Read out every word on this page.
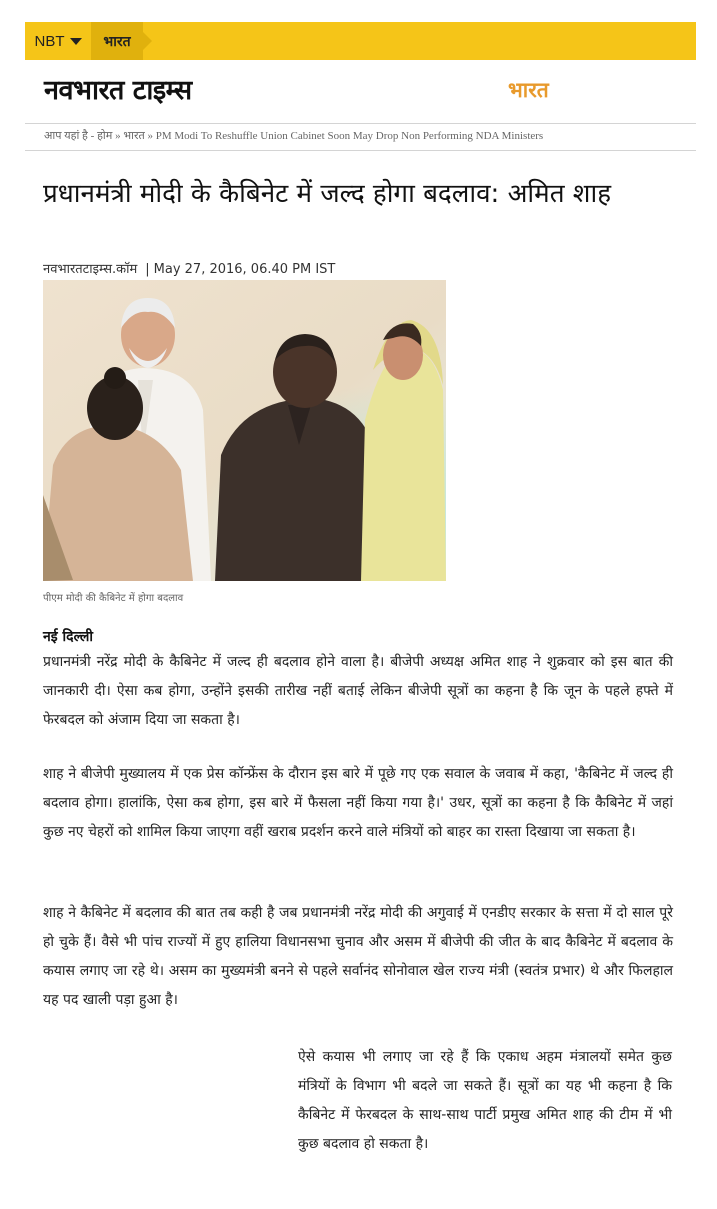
NBT	भारत
नवभारत टाइम्स	भारत
आप यहां है - होम » भारत » PM Modi To Reshuffle Union Cabinet Soon May Drop Non Performing NDA Ministers
प्रधानमंत्री मोदी के कैबिनेट में जल्द होगा बदलाव: अमित शाह
नवभारतटाइम्स.कॉम | May 27, 2016, 06.40 PM IST
पीएम मोदी की कैबिनेट में होगा बदलाव
नई दिल्ली

प्रधानमंत्री नरेंद्र मोदी के कैबिनेट में जल्द ही बदलाव होने वाला है। बीजेपी अध्यक्ष अमित शाह ने शुक्रवार को इस बात की जानकारी दी। ऐसा कब होगा, उन्होंने इसकी तारीख नहीं बताई लेकिन बीजेपी सूत्रों का कहना है कि जून के पहले हफ्ते में फेरबदल को अंजाम दिया जा सकता है।

शाह ने बीजेपी मुख्यालय में एक प्रेस कॉन्फ्रेंस के दौरान इस बारे में पूछे गए एक सवाल के जवाब में कहा, 'कैबिनेट में जल्द ही बदलाव होगा। हालांकि, ऐसा कब होगा, इस बारे में फैसला नहीं किया गया है।' उधर, सूत्रों का कहना है कि कैबिनेट में जहां कुछ नए चेहरों को शामिल किया जाएगा वहीं खराब प्रदर्शन करने वाले मंत्रियों को बाहर का रास्ता दिखाया जा सकता है।

शाह ने कैबिनेट में बदलाव की बात तब कही है जब प्रधानमंत्री नरेंद्र मोदी की अगुवाई में एनडीए सरकार के सत्ता में दो साल पूरे हो चुके हैं। वैसे भी पांच राज्यों में हुए हालिया विधानसभा चुनाव और असम में बीजेपी की जीत के बाद कैबिनेट में बदलाव के कयास लगाए जा रहे थे। असम का मुख्यमंत्री बनने से पहले सर्वानंद सोनोवाल खेल राज्य मंत्री (स्वतंत्र प्रभार) थे और फिलहाल यह पद खाली पड़ा हुआ है।

ऐसे कयास भी लगाए जा रहे हैं कि एकाध अहम मंत्रालयों समेत कुछ मंत्रियों के विभाग भी बदले जा सकते हैं। सूत्रों का यह भी कहना है कि कैबिनेट में फेरबदल के साथ-साथ पार्टी प्रमुख अमित शाह की टीम में भी कुछ बदलाव हो सकता है।
